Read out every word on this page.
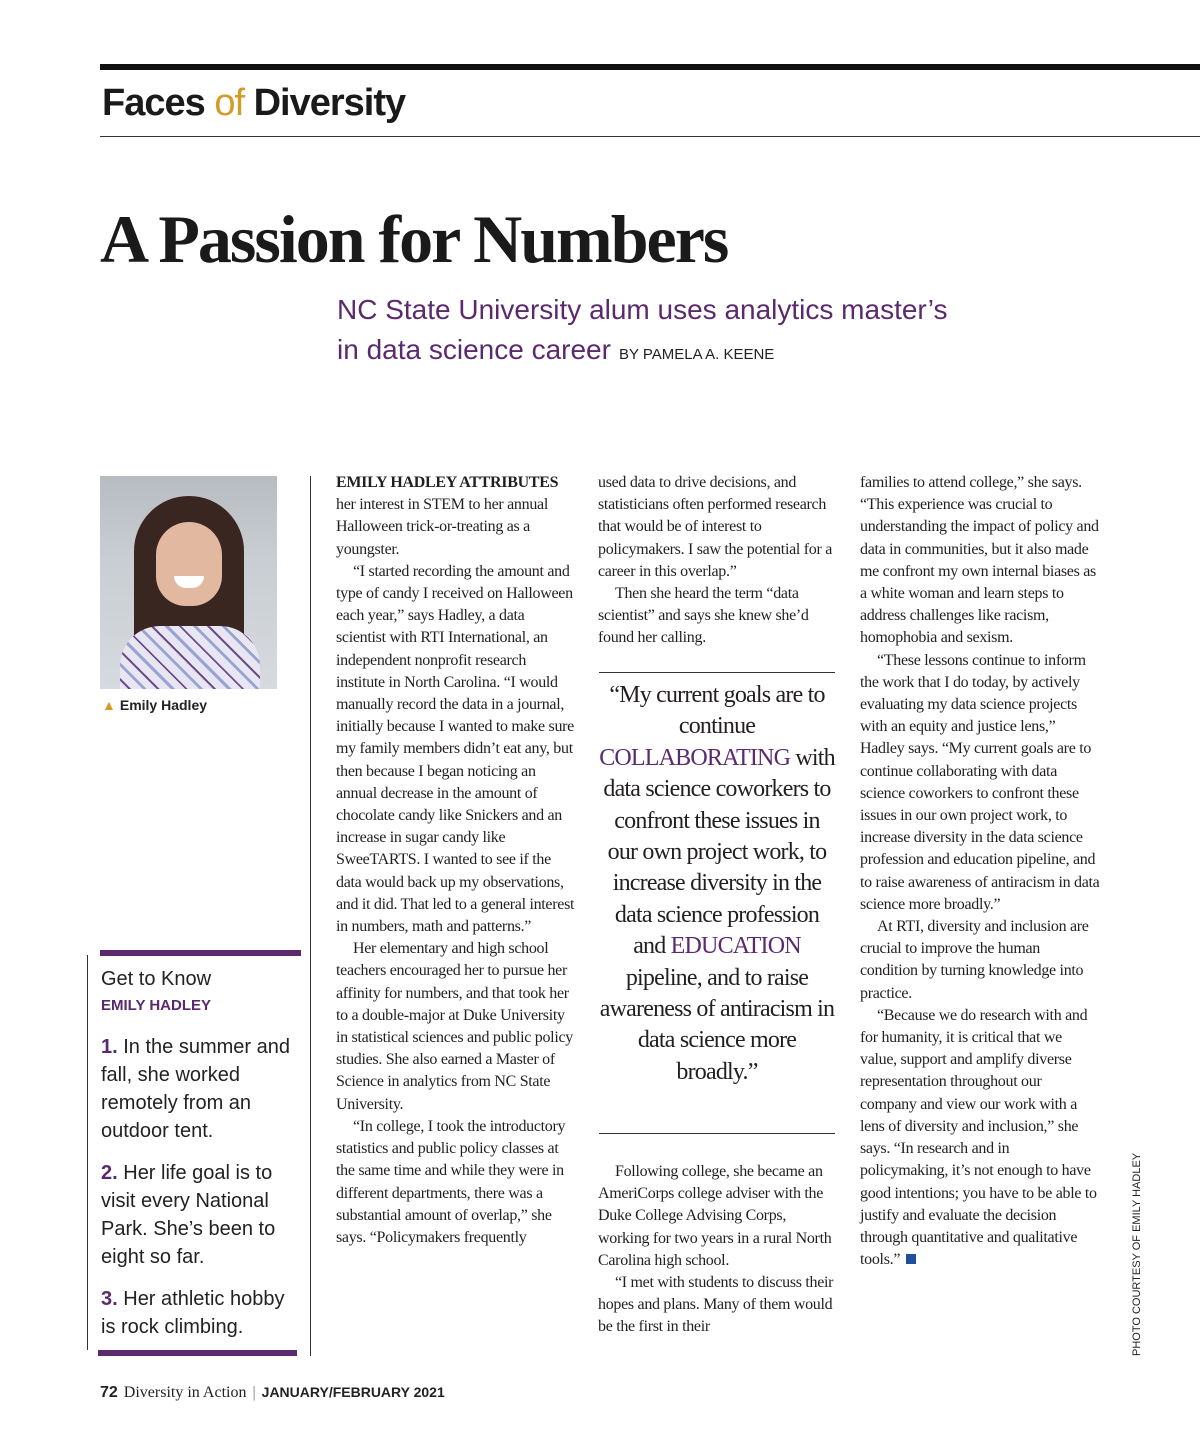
Faces of Diversity
A Passion for Numbers
NC State University alum uses analytics master’s
in data science career BY PAMELA A. KEENE
▲ Emily Hadley
Get to Know
EMILY HADLEY
1. In the summer and fall, she worked remotely from an outdoor tent.
2. Her life goal is to visit every National Park. She’s been to eight so far.
3. Her athletic hobby is rock climbing.

EMILY HADLEY ATTRIBUTES her interest in STEM to her annual Halloween trick-or-treating as a youngster.

“I started recording the amount and type of candy I received on Halloween each year,” says Hadley, a data scientist with RTI International, an independent nonprofit research institute in North Carolina. “I would manually record the data in a journal, initially because I wanted to make sure my family members didn’t eat any, but then because I began noticing an annual decrease in the amount of chocolate candy like Snickers and an increase in sugar candy like SweeTARTS. I wanted to see if the data would back up my observations, and it did. That led to a general interest in numbers, math and patterns.”

Her elementary and high school teachers encouraged her to pursue her affinity for numbers, and that took her to a double-major at Duke University in statistical sciences and public policy studies. She also earned a Master of Science in analytics from NC State University.

“In college, I took the introductory statistics and public policy classes at the same time and while they were in different departments, there was a substantial amount of overlap,” she says. “Policymakers frequently

used data to drive decisions, and statisticians often performed research that would be of interest to policymakers. I saw the potential for a career in this overlap.”

Then she heard the term “data scientist” and says she knew she’d found her calling.

“My current goals are to continue COLLABORATING with data science coworkers to confront these issues in our own project work, to increase diversity in the data science profession and EDUCATION pipeline, and to raise awareness of antiracism in data science more broadly.”

Following college, she became an AmeriCorps college adviser with the Duke College Advising Corps, working for two years in a rural North Carolina high school.

“I met with students to discuss their hopes and plans. Many of them would be the first in their

families to attend college,” she says. “This experience was crucial to understanding the impact of policy and data in communities, but it also made me confront my own internal biases as a white woman and learn steps to address challenges like racism, homophobia and sexism.

“These lessons continue to inform the work that I do today, by actively evaluating my data science projects with an equity and justice lens,” Hadley says. “My current goals are to continue collaborating with data science coworkers to confront these issues in our own project work, to increase diversity in the data science profession and education pipeline, and to raise awareness of antiracism in data science more broadly.”

At RTI, diversity and inclusion are crucial to improve the human condition by turning knowledge into practice.

“Because we do research with and for humanity, it is critical that we value, support and amplify diverse representation throughout our company and view our work with a lens of diversity and inclusion,” she says. “In research and in policymaking, it’s not enough to have good intentions; you have to be able to justify and evaluate the decision through quantitative and qualitative tools.”	PHOTO COURTESY OF EMILY HADLEY
72 Diversity in Action | JANUARY/FEBRUARY 2021
